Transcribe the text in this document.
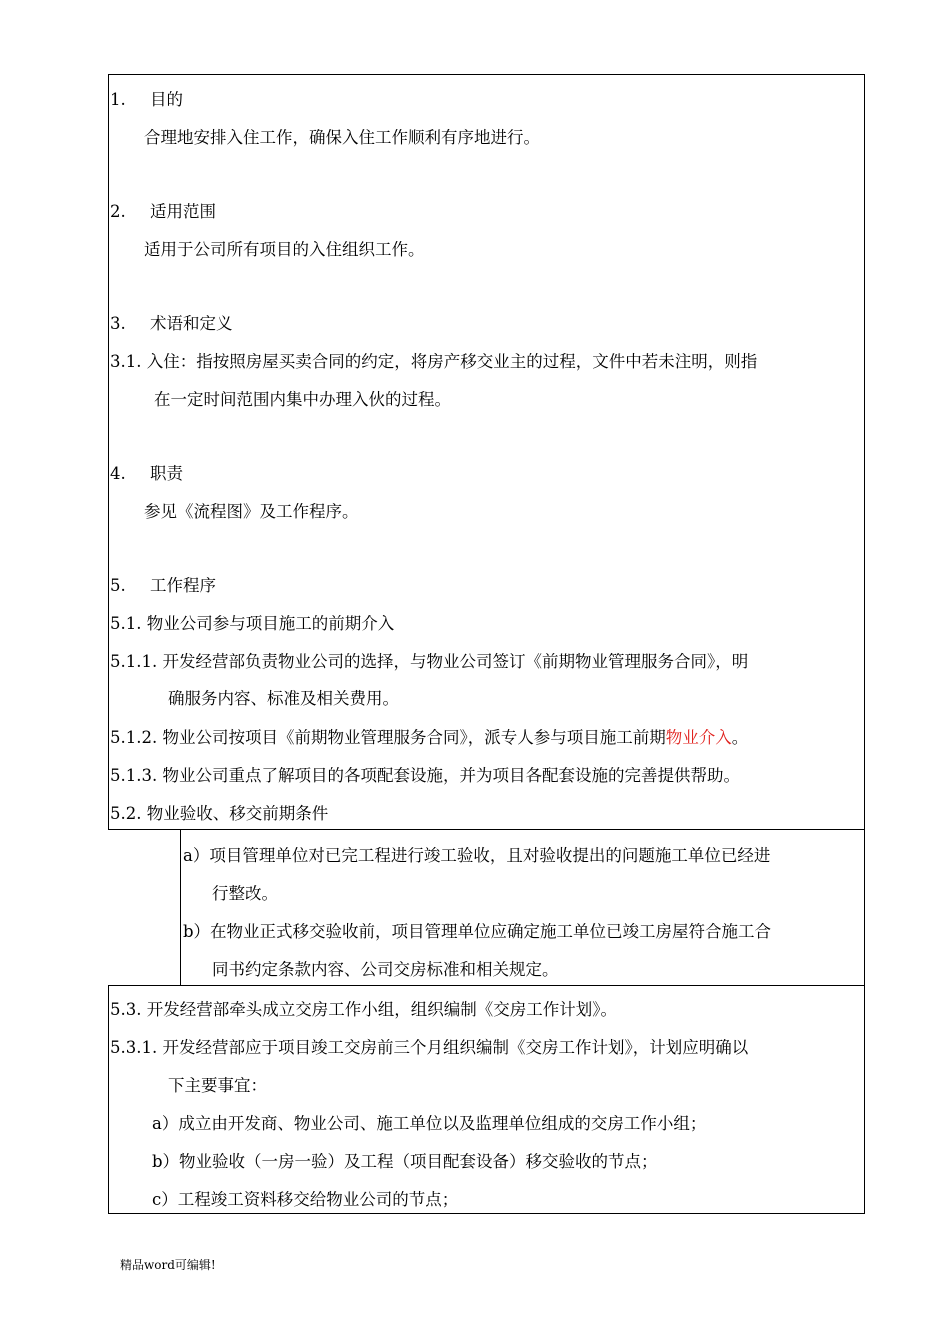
1. 目的
合理地安排入住工作，确保入住工作顺利有序地进行。
2. 适用范围
适用于公司所有项目的入住组织工作。
3. 术语和定义
3.1. 入住：指按照房屋买卖合同的约定，将房产移交业主的过程，文件中若未注明，则指
在一定时间范围内集中办理入伙的过程。
4. 职责
参见《流程图》及工作程序。
5. 工作程序
5.1. 物业公司参与项目施工的前期介入
5.1.1. 开发经营部负责物业公司的选择，与物业公司签订《前期物业管理服务合同》，明
确服务内容、标准及相关费用。
5.1.2. 物业公司按项目《前期物业管理服务合同》，派专人参与项目施工前期物业介入。
5.1.3. 物业公司重点了解项目的各项配套设施，并为项目各配套设施的完善提供帮助。
5.2. 物业验收、移交前期条件
a）项目管理单位对已完工程进行竣工验收，且对验收提出的问题施工单位已经进
行整改。
b）在物业正式移交验收前，项目管理单位应确定施工单位已竣工房屋符合施工合
同书约定条款内容、公司交房标准和相关规定。
5.3. 开发经营部牵头成立交房工作小组，组织编制《交房工作计划》。
5.3.1. 开发经营部应于项目竣工交房前三个月组织编制《交房工作计划》，计划应明确以
下主要事宜：
a）成立由开发商、物业公司、施工单位以及监理单位组成的交房工作小组；
b）物业验收（一房一验）及工程（项目配套设备）移交验收的节点；
c）工程竣工资料移交给物业公司的节点；
精品word可编辑!
